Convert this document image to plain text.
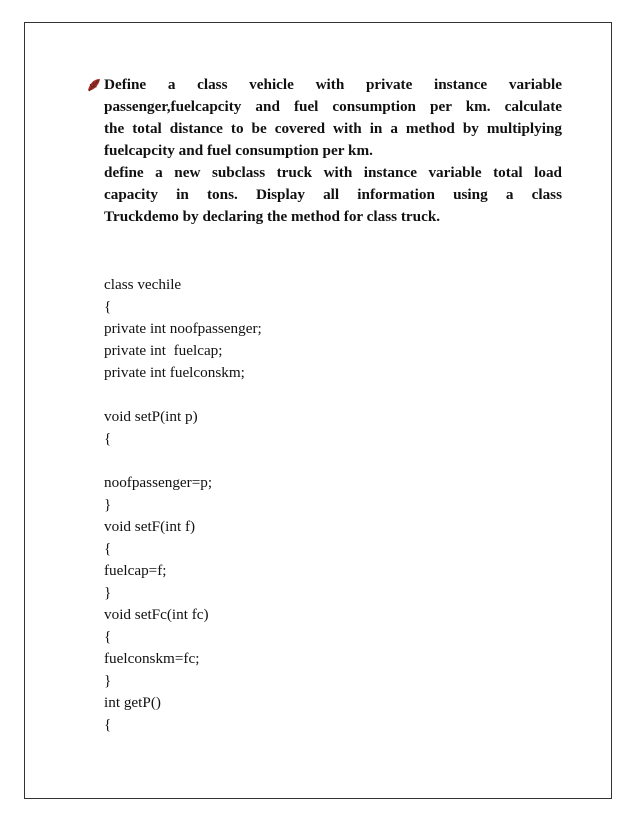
Define a class vehicle with private instance variable
passenger,fuelcapcity and fuel consumption per km. calculate
the total distance to be covered with in a method by multiplying
fuelcapcity and fuel consumption per km.
define a new subclass truck with instance variable total load
capacity in tons. Display all information using a class
Truckdemo by declaring the method for class truck.
class vechile
{
private int noofpassenger;
private int  fuelcap;
private int fuelconskm;
void setP(int p)
{
noofpassenger=p;
}
void setF(int f)
{
fuelcap=f;
}
void setFc(int fc)
{
fuelconskm=fc;
}
int getP()
{
